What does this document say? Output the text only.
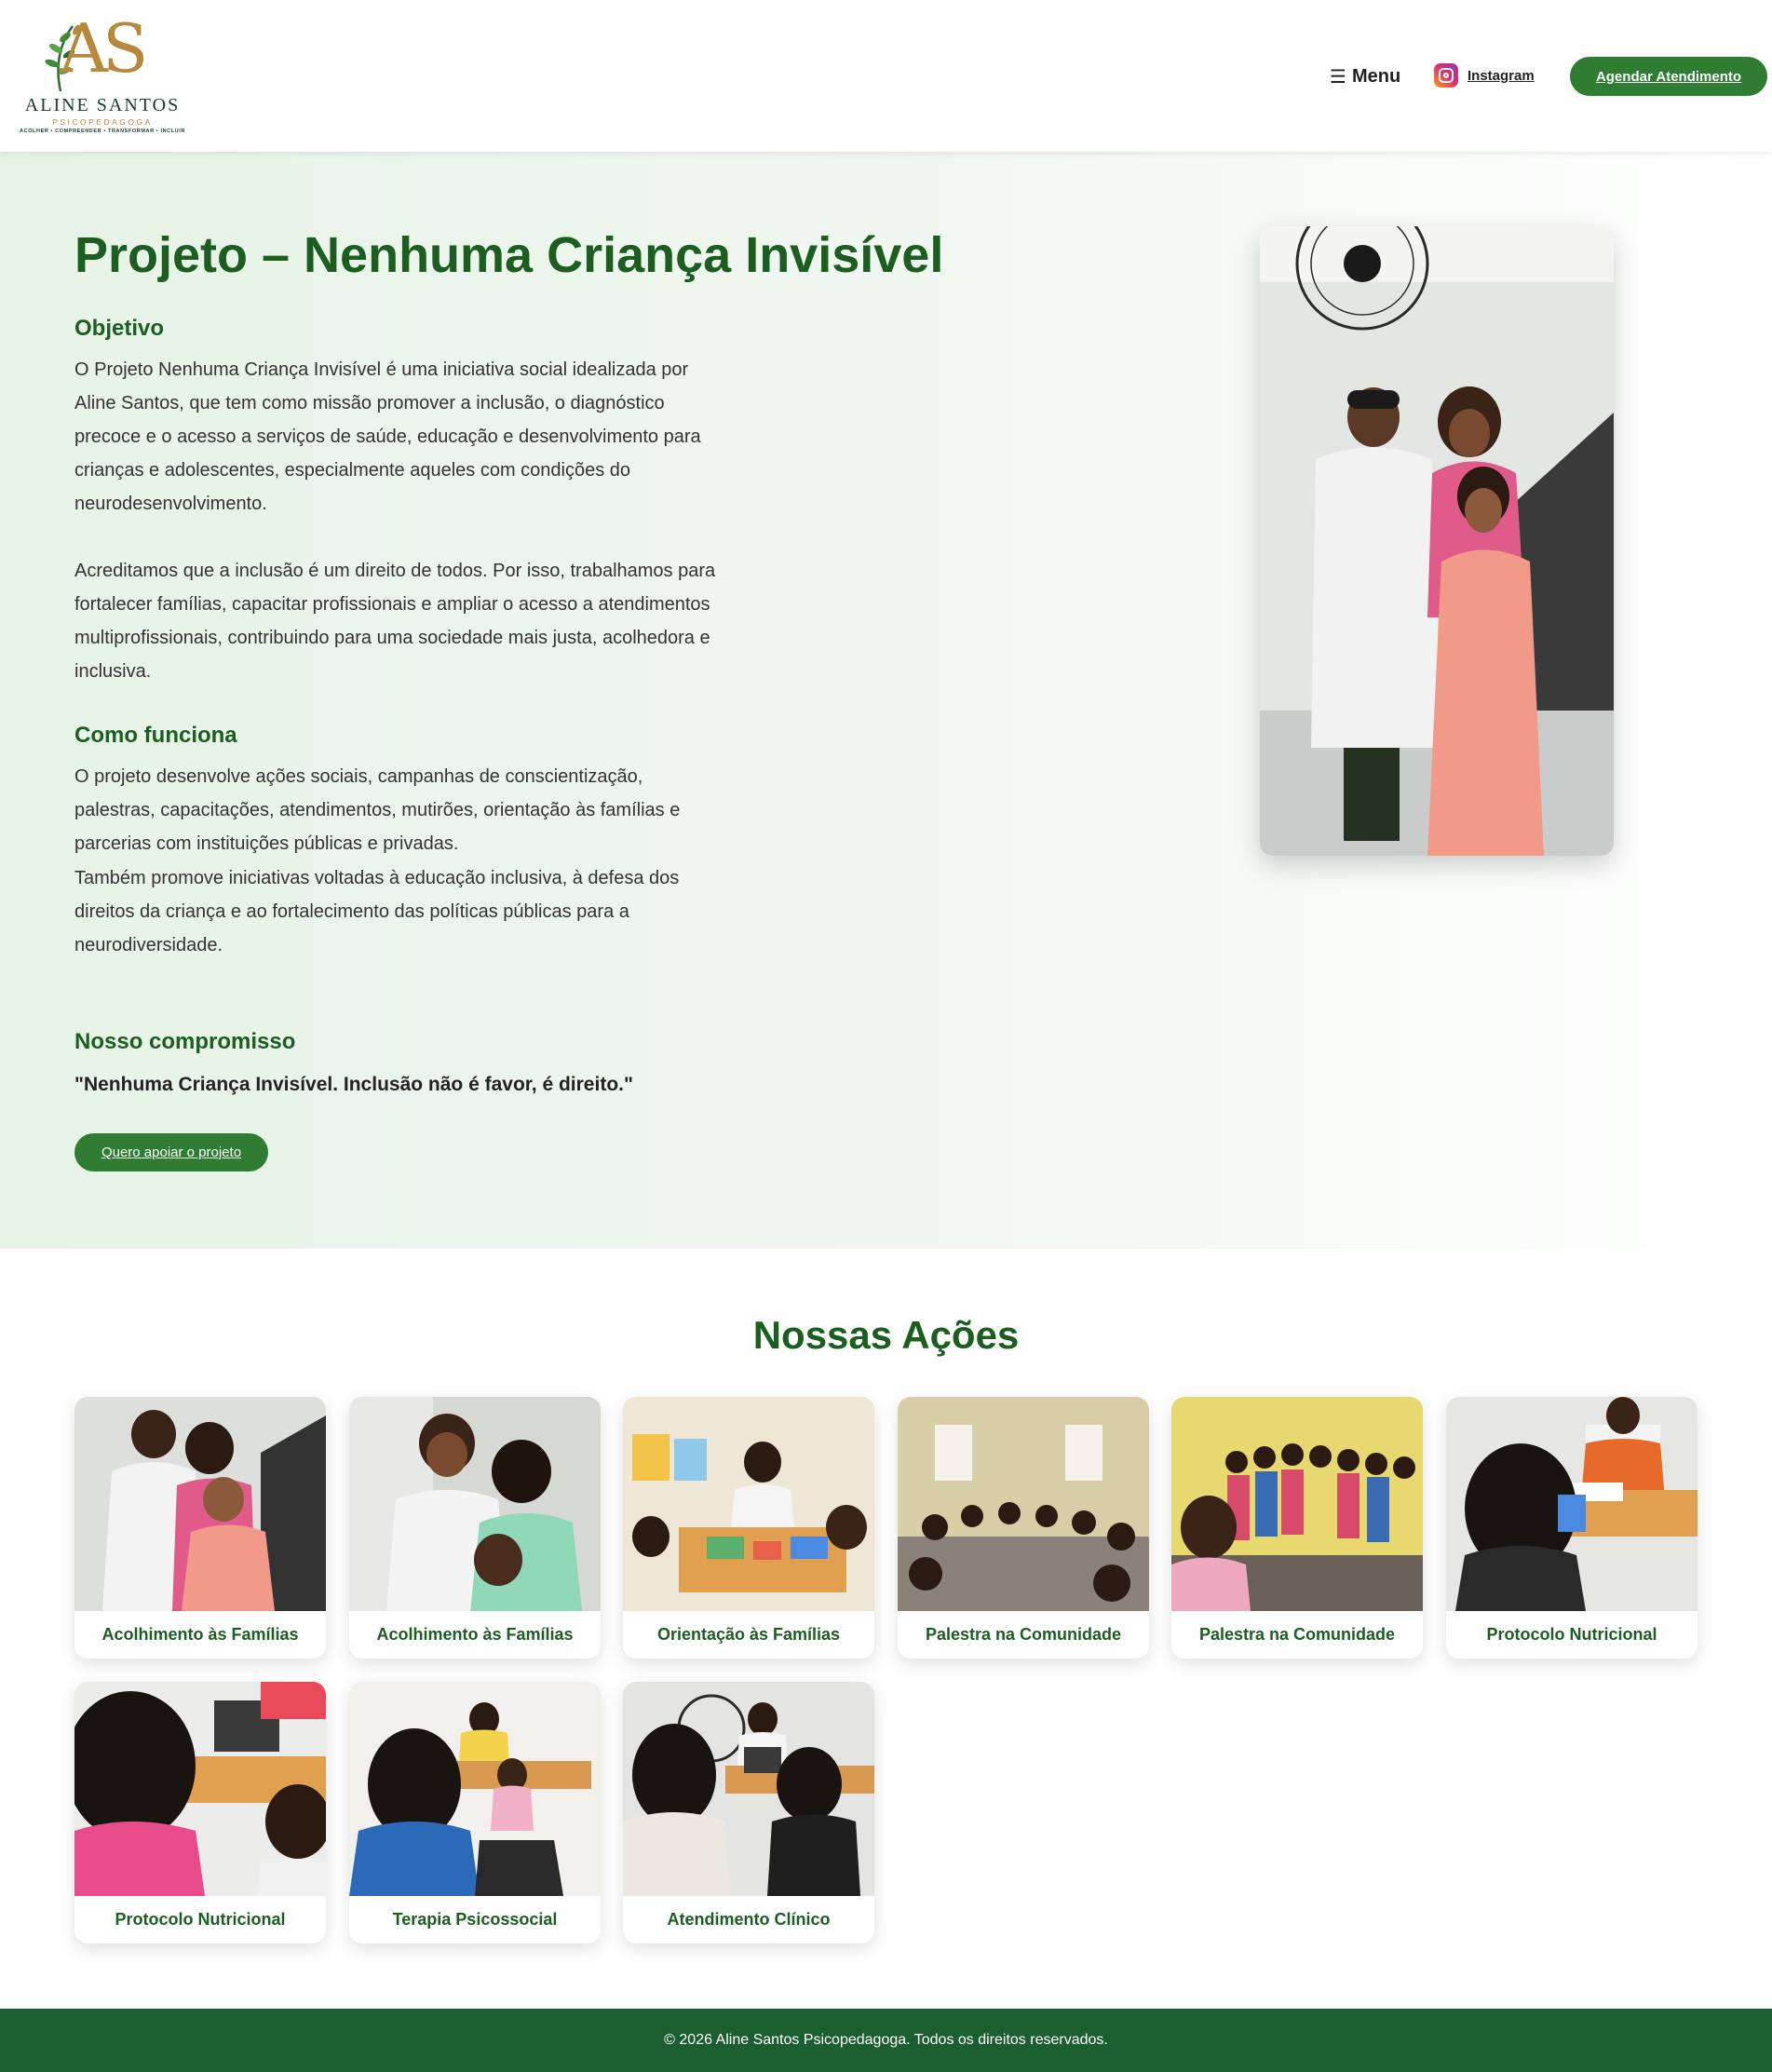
AS
ALINE SANTOS
PSICOPEDAGOGA
ACOLHER • COMPREENDER • TRANSFORMAR • INCLUIR
☰ Menu	Instagram	Agendar Atendimento
Projeto – Nenhuma Criança Invisível
Objetivo

O Projeto Nenhuma Criança Invisível é uma iniciativa social idealizada por Aline Santos, que tem como missão promover a inclusão, o diagnóstico precoce e o acesso a serviços de saúde, educação e desenvolvimento para crianças e adolescentes, especialmente aqueles com condições do neurodesenvolvimento.

Acreditamos que a inclusão é um direito de todos. Por isso, trabalhamos para fortalecer famílias, capacitar profissionais e ampliar o acesso a atendimentos multiprofissionais, contribuindo para uma sociedade mais justa, acolhedora e inclusiva.

Como funciona

O projeto desenvolve ações sociais, campanhas de conscientização, palestras, capacitações, atendimentos, mutirões, orientação às famílias e parcerias com instituições públicas e privadas.

Também promove iniciativas voltadas à educação inclusiva, à defesa dos direitos da criança e ao fortalecimento das políticas públicas para a neurodiversidade.

Nosso compromisso

"Nenhuma Criança Invisível. Inclusão não é favor, é direito."

Quero apoiar o projeto
Nossas Ações
Acolhimento às Famílias	Acolhimento às Famílias	Orientação às Famílias	Palestra na Comunidade	Palestra na Comunidade	Protocolo Nutricional
Protocolo Nutricional	Terapia Psicossocial	Atendimento Clínico
© 2026 Aline Santos Psicopedagoga. Todos os direitos reservados.
